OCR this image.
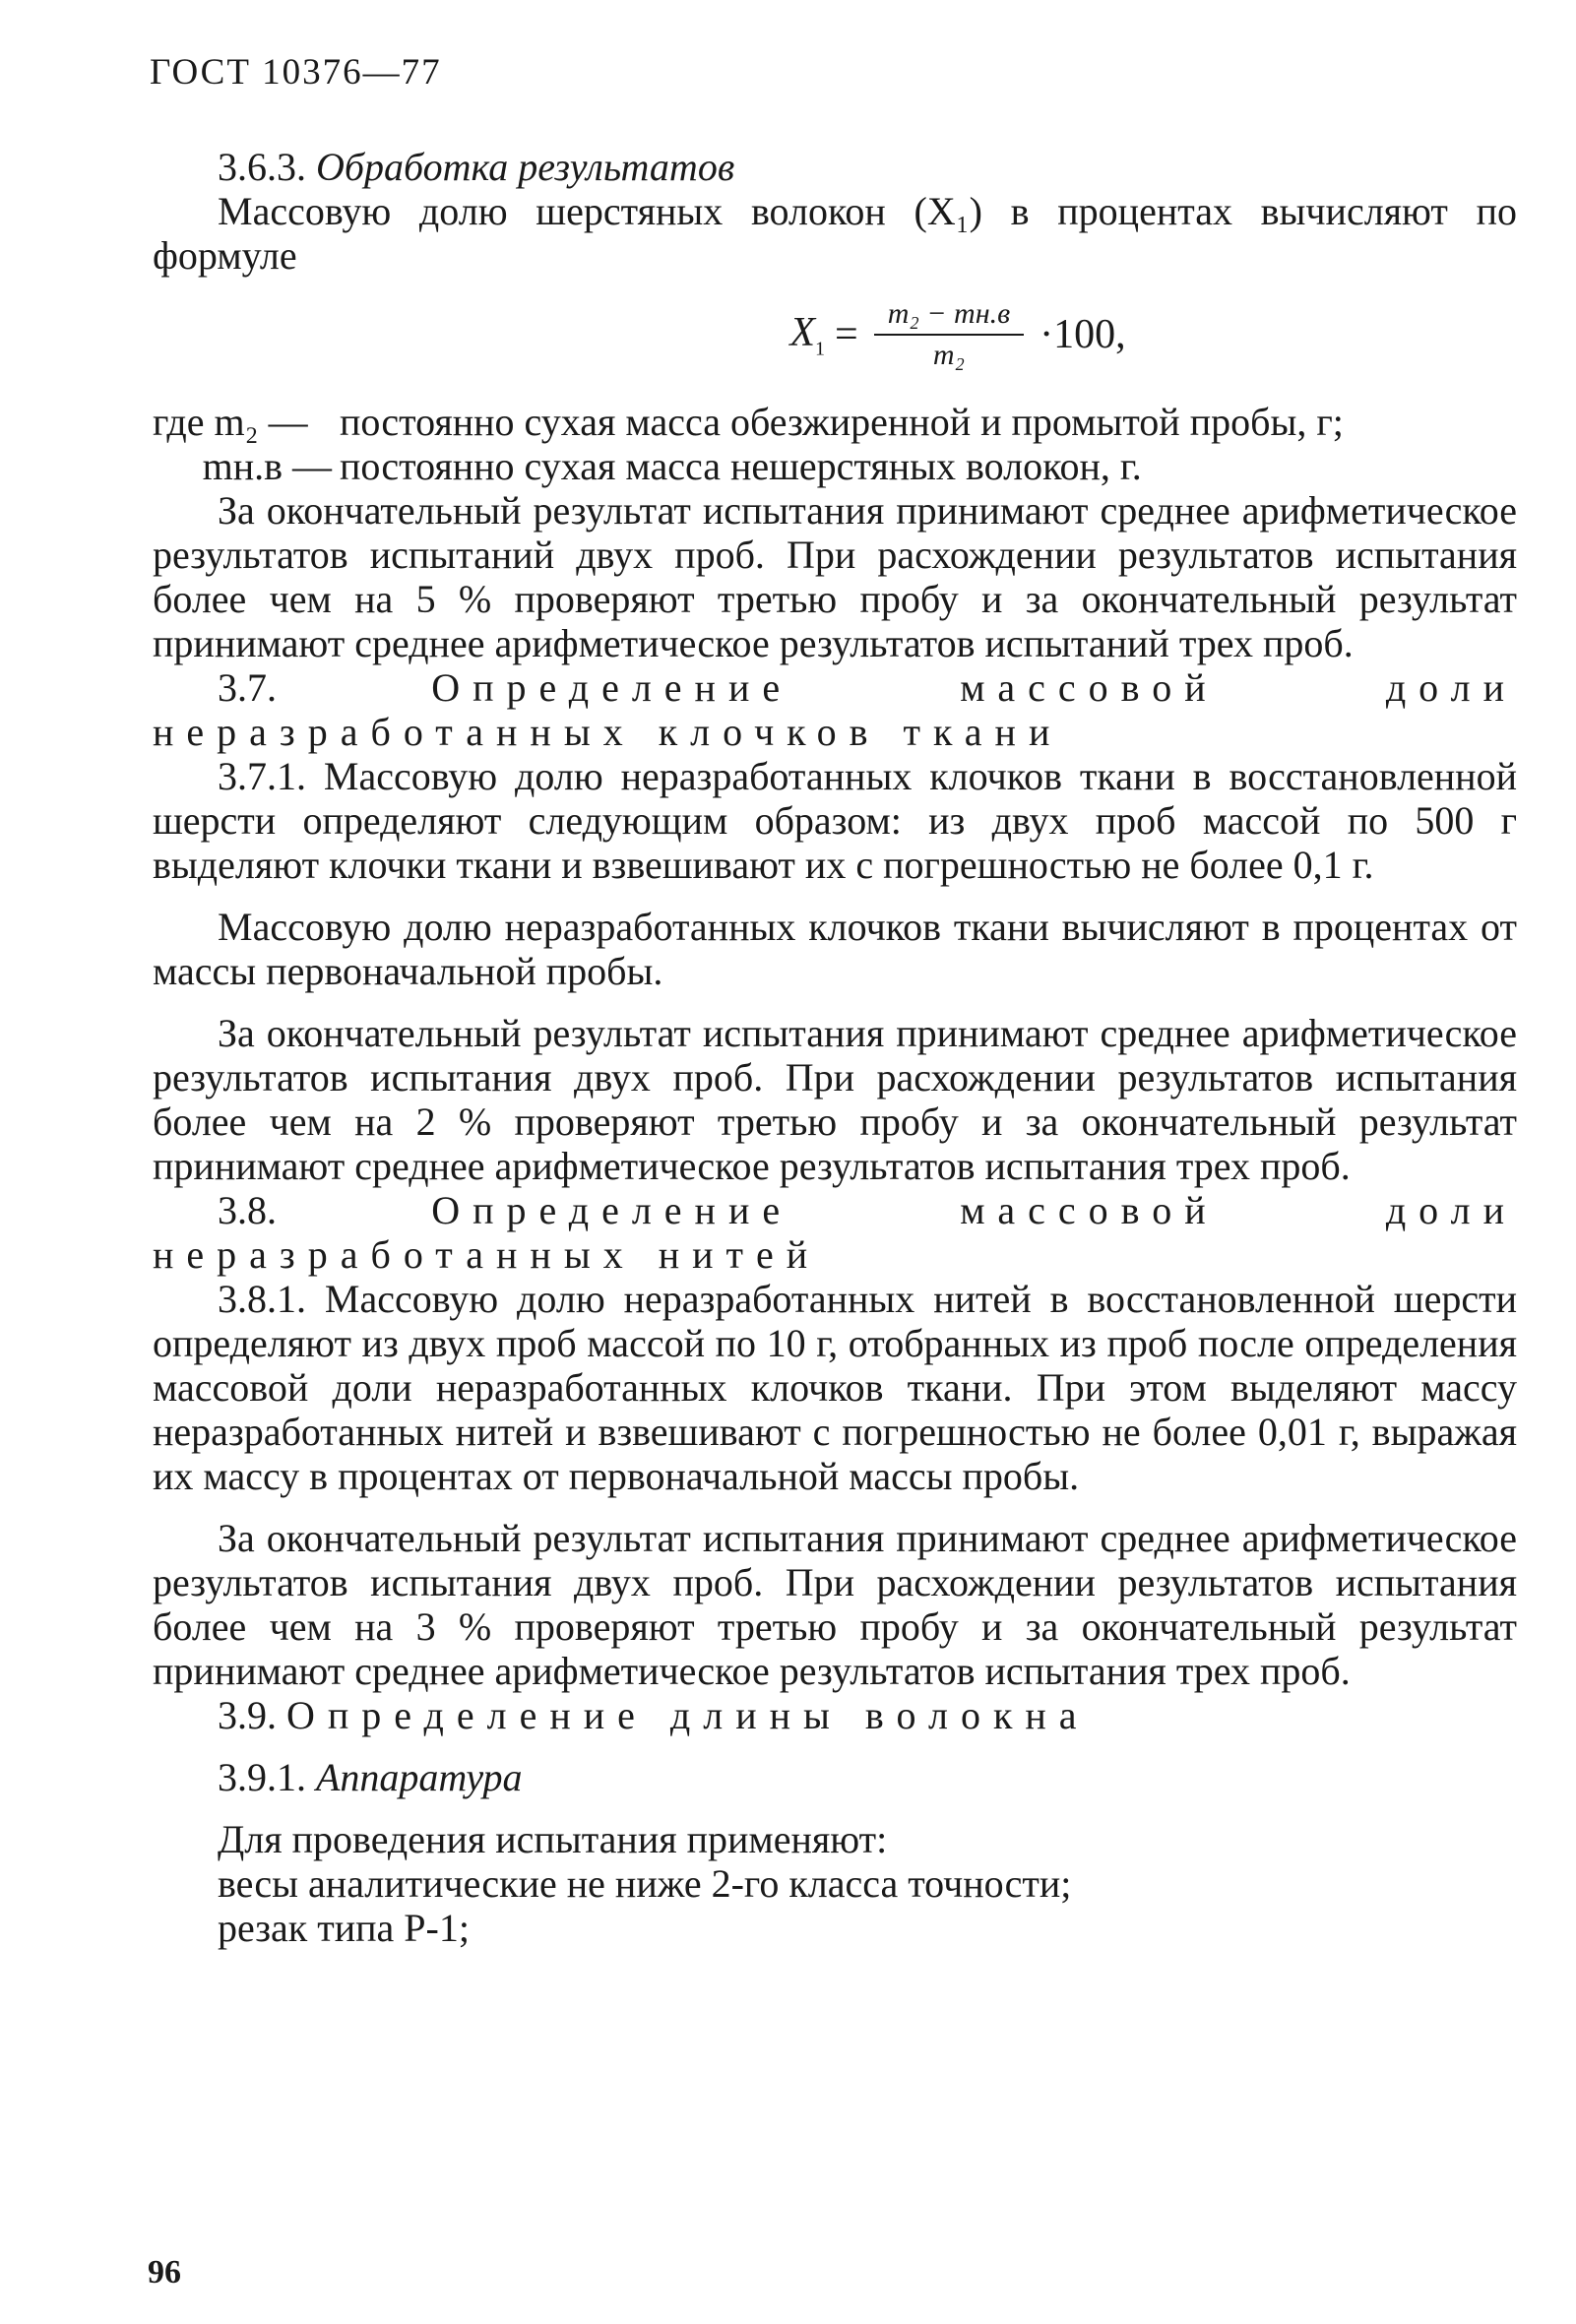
ГОСТ 10376—77

3.6.3. Обработка результатов

Массовую долю шерстяных волокон (X₁) в процентах вычисляют по формуле

$X_1 = \frac{\text{m₂ − mн.в}}{\text{m₂}} \cdot 100$,
где m₂ — постоянно сухая масса обезжиренной и промытой пробы, г;
mн.в — постоянно сухая масса нешерстяных волокон, г.

За окончательный результат испытания принимают среднее арифметическое результатов испытаний двух проб. При расхождении результатов испытания более чем на 5 % проверяют третью пробу и за окончательный результат принимают среднее арифметическое результатов испытаний трех проб.

3.7.	Определение массовой доли неразработанных клочков ткани

3.7.1. Массовую долю неразработанных клочков ткани в восстановленной шерсти определяют следующим образом: из двух проб массой по 500 г выделяют клочки ткани и взвешивают их с погрешностью не более 0,1 г.

Массовую долю неразработанных клочков ткани вычисляют в процентах от массы первоначальной пробы.

За окончательный результат испытания принимают среднее арифметическое результатов испытания двух проб. При расхождении результатов испытания более чем на 2 % проверяют третью пробу и за окончательный результат принимают среднее арифметическое результатов испытания трех проб.

3.8.	Определение массовой доли неразработанных нитей

3.8.1. Массовую долю неразработанных нитей в восстановленной шерсти определяют из двух проб массой по 10 г, отобранных из проб после определения массовой доли неразработанных клочков ткани. При этом выделяют массу неразработанных нитей и взвешивают с погрешностью не более 0,01 г, выражая их массу в процентах от первоначальной массы пробы.

За окончательный результат испытания принимают среднее арифметическое результатов испытания двух проб. При расхождении результатов испытания более чем на 3 % проверяют третью пробу и за окончательный результат принимают среднее арифметическое результатов испытания трех проб.

3.9. Определение длины волокна

3.9.1. Аппаратура

Для проведения испытания применяют:
весы аналитические не ниже 2-го класса точности;
резак типа Р-1;
96
